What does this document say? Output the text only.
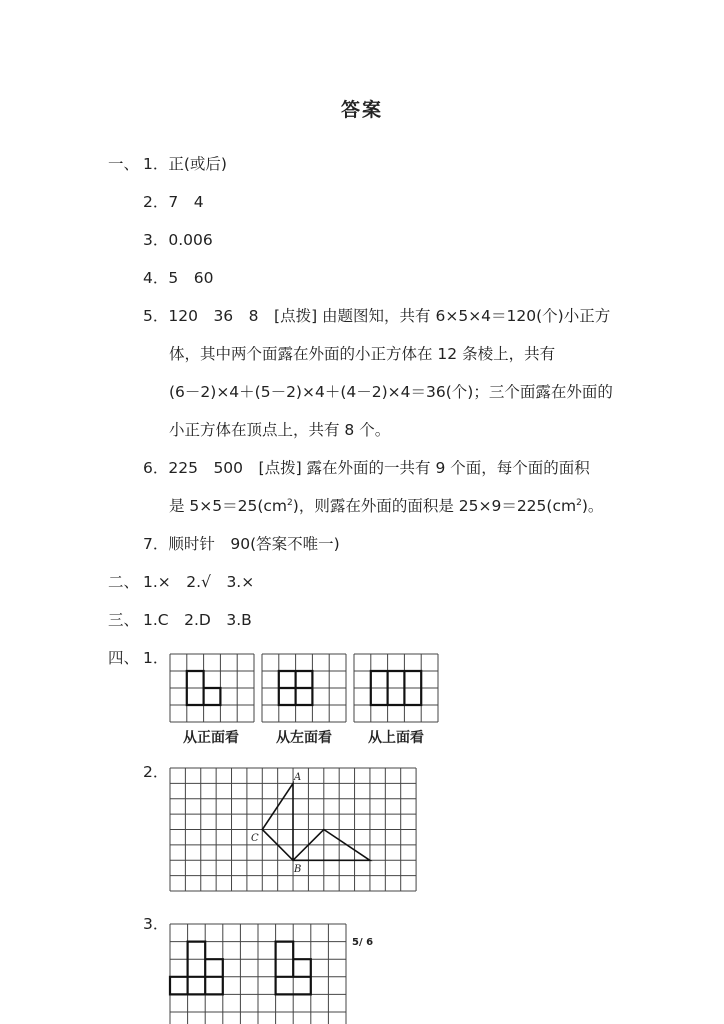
答案
一、 1．正(或后)
2．7　4
3．0.006
4．5　60
5．120　36　8　[点拨] 由题图知，共有 6×5×4＝120(个)小正方
体，其中两个面露在外面的小正方体在 12 条棱上，共有
(6－2)×4＋(5－2)×4＋(4－2)×4＝36(个)；三个面露在外面的
小正方体在顶点上，共有 8 个。
6．225　500　[点拨] 露在外面的一共有 9 个面，每个面的面积
是 $5\times 5=25(cm^2)$，则露在外面的面积是 $25\times 9=225(cm^2)$。
7．顺时针　90(答案不唯一)
二、 1.×　2.√　3.×
三、 1.C　2.D　3.B
四、 1．
从正面看	从左面看	从上面看
2．	A
B
C
3．
5/ 6
